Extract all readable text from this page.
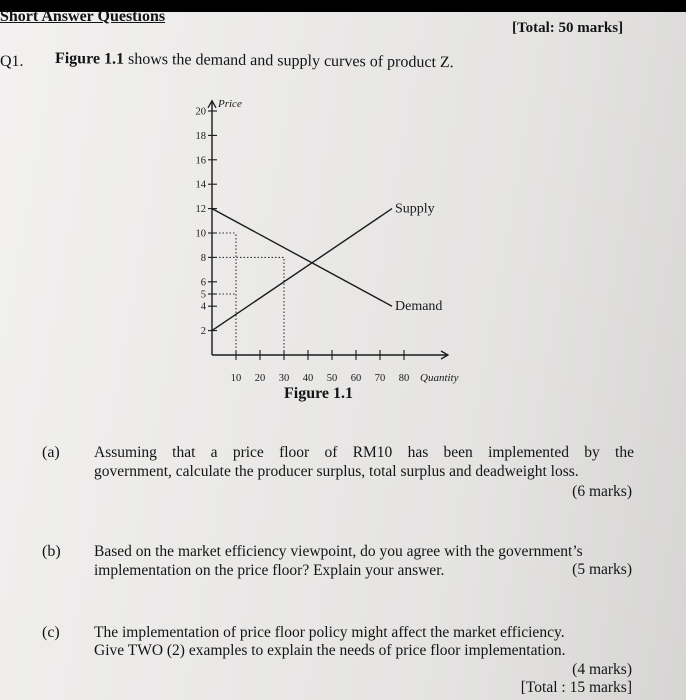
Short Answer Questions
[Total: 50 marks]
Q1. Figure 1.1 shows the demand and supply curves of product Z.
Price
Quantity
20
18
16
14
12
10
8
6
5
4
2
10 20 30 40 50 60 70 80
Supply
Demand
Figure 1.1
(a) Assuming that a price floor of RM10 has been implemented by the
government, calculate the producer surplus, total surplus and deadweight loss.
(6 marks)
(b) Based on the market efficiency viewpoint, do you agree with the government’s
implementation on the price floor? Explain your answer.	(5 marks)
(c) The implementation of price floor policy might affect the market efficiency.
Give TWO (2) examples to explain the needs of price floor implementation.
(4 marks)
[Total : 15 marks]
